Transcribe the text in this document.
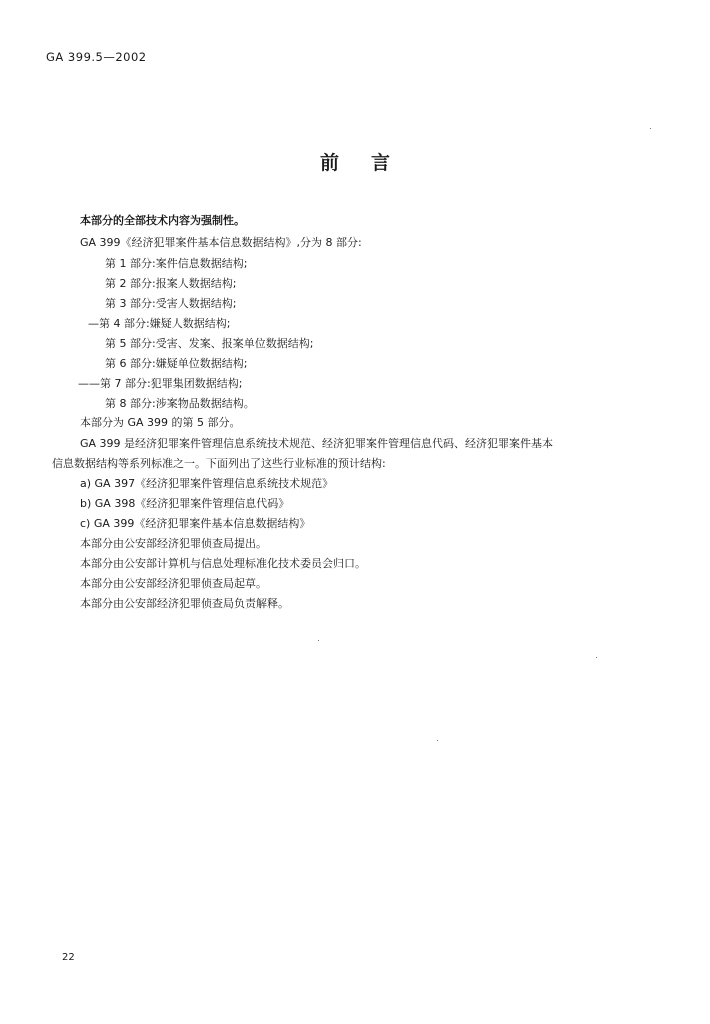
GA 399.5—2002
前言
本部分的全部技术内容为强制性。
GA 399《经济犯罪案件基本信息数据结构》,分为 8 部分:
第 1 部分:案件信息数据结构;
第 2 部分:报案人数据结构;
第 3 部分:受害人数据结构;
—第 4 部分:嫌疑人数据结构;
第 5 部分:受害、发案、报案单位数据结构;
第 6 部分:嫌疑单位数据结构;
——第 7 部分:犯罪集团数据结构;
第 8 部分:涉案物品数据结构。
本部分为 GA 399 的第 5 部分。
GA 399 是经济犯罪案件管理信息系统技术规范、经济犯罪案件管理信息代码、经济犯罪案件基本
信息数据结构等系列标准之一。下面列出了这些行业标准的预计结构:
a) GA 397《经济犯罪案件管理信息系统技术规范》
b) GA 398《经济犯罪案件管理信息代码》
c) GA 399《经济犯罪案件基本信息数据结构》
本部分由公安部经济犯罪侦查局提出。
本部分由公安部计算机与信息处理标准化技术委员会归口。
本部分由公安部经济犯罪侦查局起草。
本部分由公安部经济犯罪侦查局负责解释。
22
